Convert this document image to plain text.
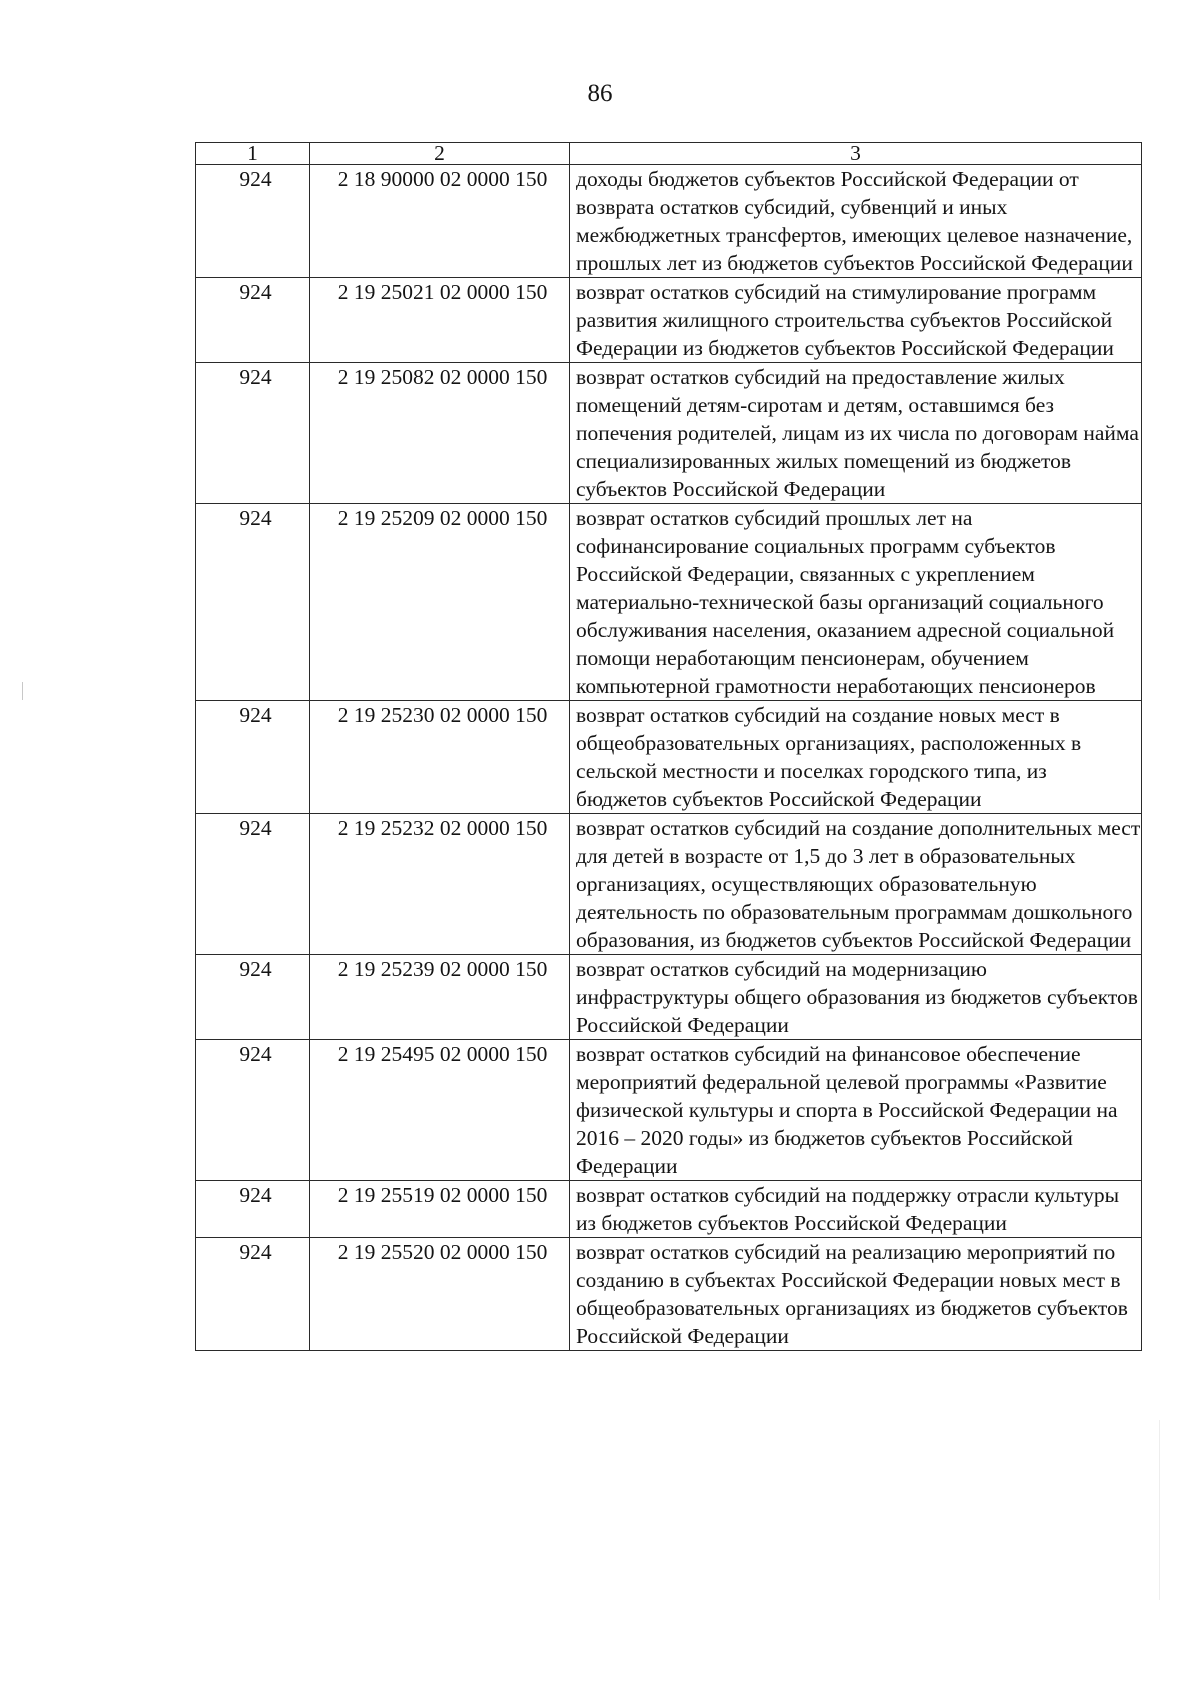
86
1	2	3
924	2 18 90000 02 0000 150	доходы бюджетов субъектов Российской Федерации от возврата остатков субсидий, субвенций и иных межбюджетных трансфертов, имеющих целевое назначение, прошлых лет из бюджетов субъектов Российской Федерации
924	2 19 25021 02 0000 150	возврат остатков субсидий на стимулирование программ развития жилищного строительства субъектов Российской Федерации из бюджетов субъектов Российской Федерации
924	2 19 25082 02 0000 150	возврат остатков субсидий на предоставление жилых помещений детям-сиротам и детям, оставшимся без попечения родителей, лицам из их числа по договорам найма специализированных жилых помещений из бюджетов субъектов Российской Федерации
924	2 19 25209 02 0000 150	возврат остатков субсидий прошлых лет на софинансирование социальных программ субъектов Российской Федерации, связанных с укреплением материально-технической базы организаций социального обслуживания населения, оказанием адресной социальной помощи неработающим пенсионерам, обучением компьютерной грамотности неработающих пенсионеров
924	2 19 25230 02 0000 150	возврат остатков субсидий на создание новых мест в общеобразовательных организациях, расположенных в сельской местности и поселках городского типа, из бюджетов субъектов Российской Федерации
924	2 19 25232 02 0000 150	возврат остатков субсидий на создание дополнительных мест для детей в возрасте от 1,5 до 3 лет в образовательных организациях, осуществляющих образовательную деятельность по образовательным программам дошкольного образования, из бюджетов субъектов Российской Федерации
924	2 19 25239 02 0000 150	возврат остатков субсидий на модернизацию инфраструктуры общего образования из бюджетов субъектов Российской Федерации
924	2 19 25495 02 0000 150	возврат остатков субсидий на финансовое обеспечение мероприятий федеральной целевой программы «Развитие физической культуры и спорта в Российской Федерации на 2016 – 2020 годы» из бюджетов субъектов Российской Федерации
924	2 19 25519 02 0000 150	возврат остатков субсидий на поддержку отрасли культуры из бюджетов субъектов Российской Федерации
924	2 19 25520 02 0000 150	возврат остатков субсидий на реализацию мероприятий по созданию в субъектах Российской Федерации новых мест в общеобразовательных организациях из бюджетов субъектов Российской Федерации
